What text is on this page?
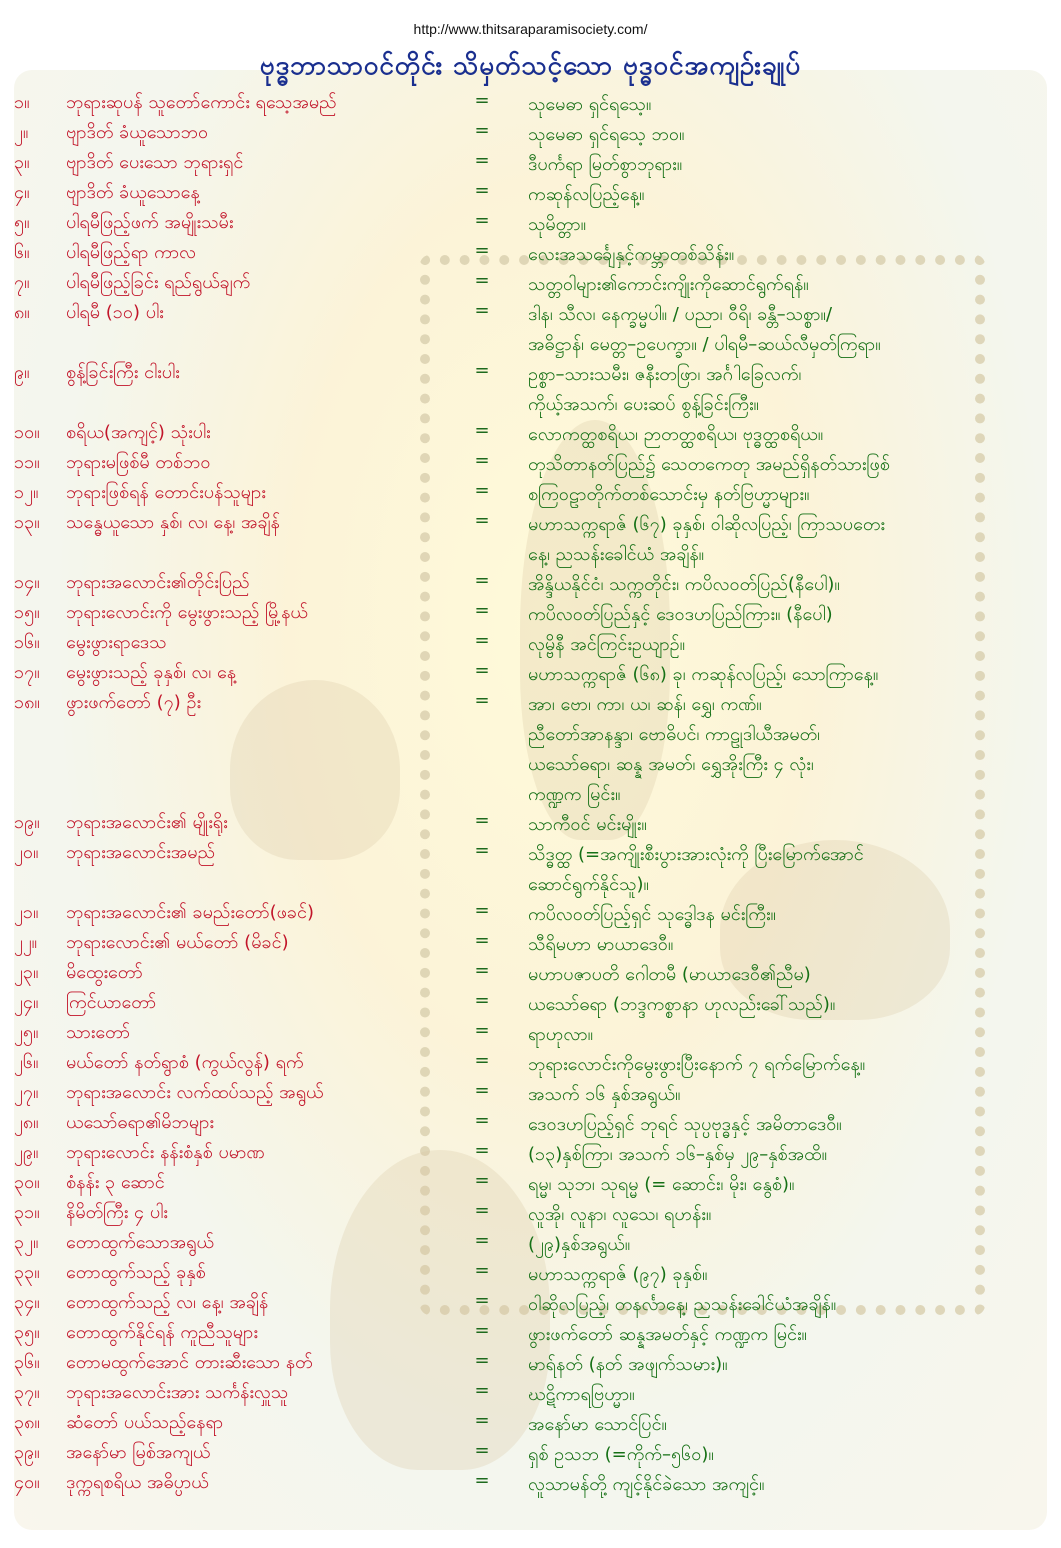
http://www.thitsaraparamisociety.com/
ဗုဒ္ဓဘာသာဝင်တိုင်း သိမှတ်သင့်သော ဗုဒ္ဓဝင်အကျဉ်းချုပ်
၁။	ဘုရားဆုပန် သူတော်ကောင်း ရသေ့အမည်	= သုမေဓာ ရှင်ရသေ့။
၂။	ဗျာဒိတ် ခံယူသောဘဝ	= သုမေဓာ ရှင်ရသေ့ ဘဝ။
၃။	ဗျာဒိတ် ပေးသော ဘုရားရှင်	= ဒီပင်္ကရာ မြတ်စွာဘုရား။
၄။	ဗျာဒိတ် ခံယူသောနေ့	= ကဆုန်လပြည့်နေ့။
၅။	ပါရမီဖြည့်ဖက် အမျိုးသမီး	= သုမိတ္တာ။
၆။	ပါရမီဖြည့်ရာ ကာလ	= လေးအသင်္ချေနှင့်ကမ္ဘာတစ်သိန်း။
၇။	ပါရမီဖြည့်ခြင်း ရည်ရွယ်ချက်	= သတ္တဝါများ၏ကောင်းကျိုးကိုဆောင်ရွက်ရန်။
၈။	ပါရမီ (၁၀) ပါး	= ဒါန၊ သီလ၊ နေက္ခမ္မပါ။ / ပညာ၊ ဝီရိ၊ ခန္တီ–သစ္စာ။/
အဓိဋ္ဌာန်၊ မေတ္တ–ဥပေက္ခာ။ / ပါရမီ–ဆယ်လီမှတ်ကြရာ။
၉။	စွန့်ခြင်းကြီး ငါးပါး	= ဥစ္စာ–သားသမီး၊ ဇနီးတဖြာ၊ အင်္ဂါခြေလက်၊
ကိုယ့်အသက်၊ ပေးဆပ် စွန့်ခြင်းကြီး။
၁၀။	စရိယ(အကျင့်) သုံးပါး	= လောကတ္ထစရိယ၊ ဉာတတ္ထစရိယ၊ ဗုဒ္ဓတ္ထစရိယ။
၁၁။	ဘုရားမဖြစ်မီ တစ်ဘဝ	= တုသိတာနတ်ပြည်၌ သေတကေတု အမည်ရှိနတ်သားဖြစ်
၁၂။	ဘုရားဖြစ်ရန် တောင်းပန်သူများ	= စကြဝဠာတိုက်တစ်သောင်းမှ နတ်ဗြဟ္မာများ။
၁၃။	သန္ဓေယူသော နှစ်၊ လ၊ နေ့၊ အချိန်	= မဟာသက္ကရာဇ် (၆၇) ခုနှစ်၊ ဝါဆိုလပြည့်၊ ကြာသပတေး
နေ့၊ ညသန်းခေါင်ယံ အချိန်။
၁၄။	ဘုရားအလောင်း၏တိုင်းပြည်	= အိန္ဒိယနိုင်ငံ၊ သက္ကတိုင်း၊ ကပိလဝတ်ပြည်(နီပေါ)။
၁၅။	ဘုရားလောင်းကို မွေးဖွားသည့် မြို့နယ်	= ကပိလဝတ်ပြည်နှင့် ဒေဝဒဟပြည်ကြား။ (နီပေါ)
၁၆။	မွေးဖွားရာဒေသ	= လုမ္ဗိနီ အင်ကြင်းဥယျာဉ်။
၁၇။	မွေးဖွားသည့် ခုနှစ်၊ လ၊ နေ့	= မဟာသက္ကရာဇ် (၆၈) ခု၊ ကဆုန်လပြည့်၊ သောကြာနေ့။
၁၈။	ဖွားဖက်တော် (၇) ဦး	= အာ၊ ဗော၊ ကာ၊ ယ၊ ဆန်၊ ရွှေ၊ ကဏ်။
ညီတော်အာနန္ဒာ၊ ဗောဓိပင်၊ ကာဠုဒါယီအမတ်၊
ယသော်ဓရာ၊ ဆန္န အမတ်၊ ရွှေအိုးကြီး ၄ လုံး၊
ကဏ္ဍက မြင်း။
၁၉။	ဘုရားအလောင်း၏ မျိုးရိုး	= သာကီဝင် မင်းမျိုး။
၂၀။	ဘုရားအလောင်းအမည်	= သိဒ္ဓတ္ထ (=အကျိုးစီးပွားအားလုံးကို ပြီးမြောက်အောင်
ဆောင်ရွက်နိုင်သူ)။
၂၁။	ဘုရားအလောင်း၏ ခမည်းတော်(ဖခင်)	= ကပိလဝတ်ပြည့်ရှင် သုဒ္ဓေါဒန မင်းကြီး။
၂၂။	ဘုရားလောင်း၏ မယ်တော် (မိခင်)	= သီရိမဟာ မာယာဒေဝီ။
၂၃။	မိထွေးတော်	= မဟာပဇာပတိ ဂေါတမီ (မာယာဒေဝီ၏ညီမ)
၂၄။	ကြင်ယာတော်	= ယသော်ဓရာ (ဘဒ္ဒကစ္စာနာ ဟုလည်းခေါ်သည်)။
၂၅။	သားတော်	= ရာဟုလာ။
၂၆။	မယ်တော် နတ်ရွာစံ (ကွယ်လွန်) ရက်	= ဘုရားလောင်းကိုမွေးဖွားပြီးနောက် ၇ ရက်မြောက်နေ့။
၂၇။	ဘုရားအလောင်း လက်ထပ်သည့် အရွယ်	= အသက် ၁၆ နှစ်အရွယ်။
၂၈။	ယသော်ဓရာ၏မိဘများ	= ဒေဝဒဟပြည့်ရှင် ဘုရင် သုပ္ပဗုဒ္ဓနှင့် အမိတာဒေဝီ။
၂၉။	ဘုရားလောင်း နန်းစံနှစ် ပမာဏ	= (၁၃)နှစ်ကြာ၊ အသက် ၁၆–နှစ်မှ ၂၉–နှစ်အထိ။
၃၀။	စံနန်း ၃ ဆောင်	= ရမ္မ၊ သုဘ၊ သုရမ္မ (= ဆောင်း၊ မိုး၊ နွေစံ)။
၃၁။	နိမိတ်ကြီး ၄ ပါး	= လူအို၊ လူနာ၊ လူသေ၊ ရဟန်း။
၃၂။	တောထွက်သောအရွယ်	= (၂၉)နှစ်အရွယ်။
၃၃။	တောထွက်သည့် ခုနှစ်	= မဟာသက္ကရာဇ် (၉၇) ခုနှစ်။
၃၄။	တောထွက်သည့် လ၊ နေ့၊ အချိန်	= ဝါဆိုလပြည့်၊ တနင်္လာနေ့၊ ညသန်းခေါင်ယံအချိန်။
၃၅။	တောထွက်နိုင်ရန် ကူညီသူများ	= ဖွားဖက်တော် ဆန္နအမတ်နှင့် ကဏ္ဍက မြင်း။
၃၆။	တောမထွက်အောင် တားဆီးသော နတ်	= မာရ်နတ် (နတ် အဖျက်သမား)။
၃၇။	ဘုရားအလောင်းအား သင်္ကန်းလှူသူ	= ဃဋိကာရဗြဟ္မာ။
၃၈။	ဆံတော် ပယ်သည့်နေရာ	= အနော်မာ သောင်ပြင်။
၃၉။	အနော်မာ မြစ်အကျယ်	= ရှစ် ဥသဘ (=ကိုက်–၅၆၀)။
၄၀။	ဒုက္ကရစရိယ အဓိပ္ပာယ်	= လူသာမန်တို့ ကျင့်နိုင်ခဲသော အကျင့်။
